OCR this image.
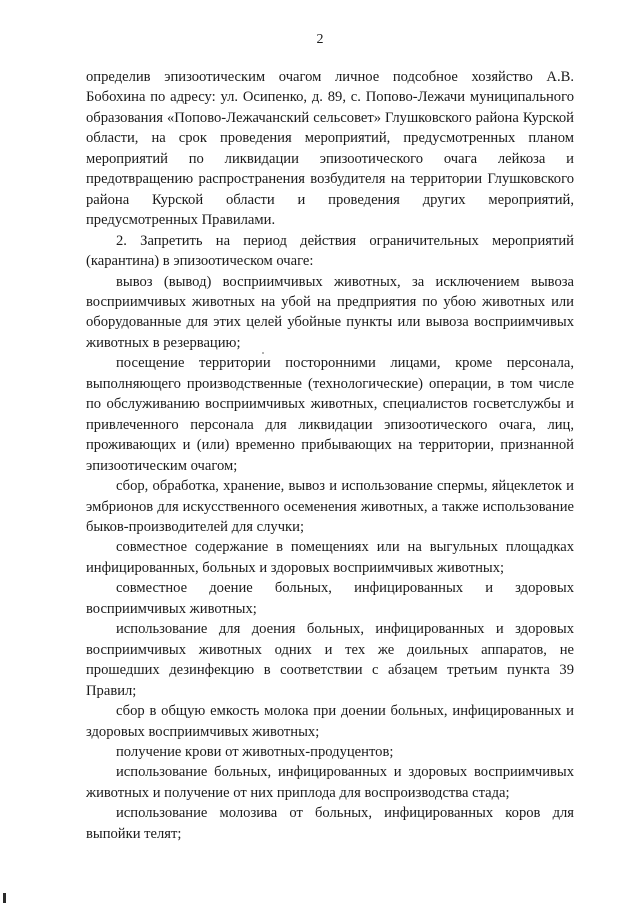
2

определив эпизоотическим очагом личное подсобное хозяйство А.В. Бобохина по адресу: ул. Осипенко, д. 89, с. Попово-Лежачи муниципального образования «Попово-Лежачанский сельсовет» Глушковского района Курской области, на срок проведения мероприятий, предусмотренных планом мероприятий по ликвидации эпизоотического очага лейкоза и предотвращению распространения возбудителя на территории Глушковского района Курской области и проведения других мероприятий, предусмотренных Правилами.

2. Запретить на период действия ограничительных мероприятий (карантина) в эпизоотическом очаге:

вывоз (вывод) восприимчивых животных, за исключением вывоза восприимчивых животных на убой на предприятия по убою животных или оборудованные для этих целей убойные пункты или вывоза восприимчивых животных в резервацию;

посещение территории посторонними лицами, кроме персонала, выполняющего производственные (технологические) операции, в том числе по обслуживанию восприимчивых животных, специалистов госветслужбы и привлеченного персонала для ликвидации эпизоотического очага, лиц, проживающих и (или) временно прибывающих на территории, признанной эпизоотическим очагом;

сбор, обработка, хранение, вывоз и использование спермы, яйцеклеток и эмбрионов для искусственного осеменения животных, а также использование быков-производителей для случки;

совместное содержание в помещениях или на выгульных площадках инфицированных, больных и здоровых восприимчивых животных;

совместное доение больных, инфицированных и здоровых восприимчивых животных;

использование для доения больных, инфицированных и здоровых восприимчивых животных одних и тех же доильных аппаратов, не прошедших дезинфекцию в соответствии с абзацем третьим пункта 39 Правил;

сбор в общую емкость молока при доении больных, инфицированных и здоровых восприимчивых животных;

получение крови от животных-продуцентов;

использование больных, инфицированных и здоровых восприимчивых животных и получение от них приплода для воспроизводства стада;

использование молозива от больных, инфицированных коров для выпойки телят;
